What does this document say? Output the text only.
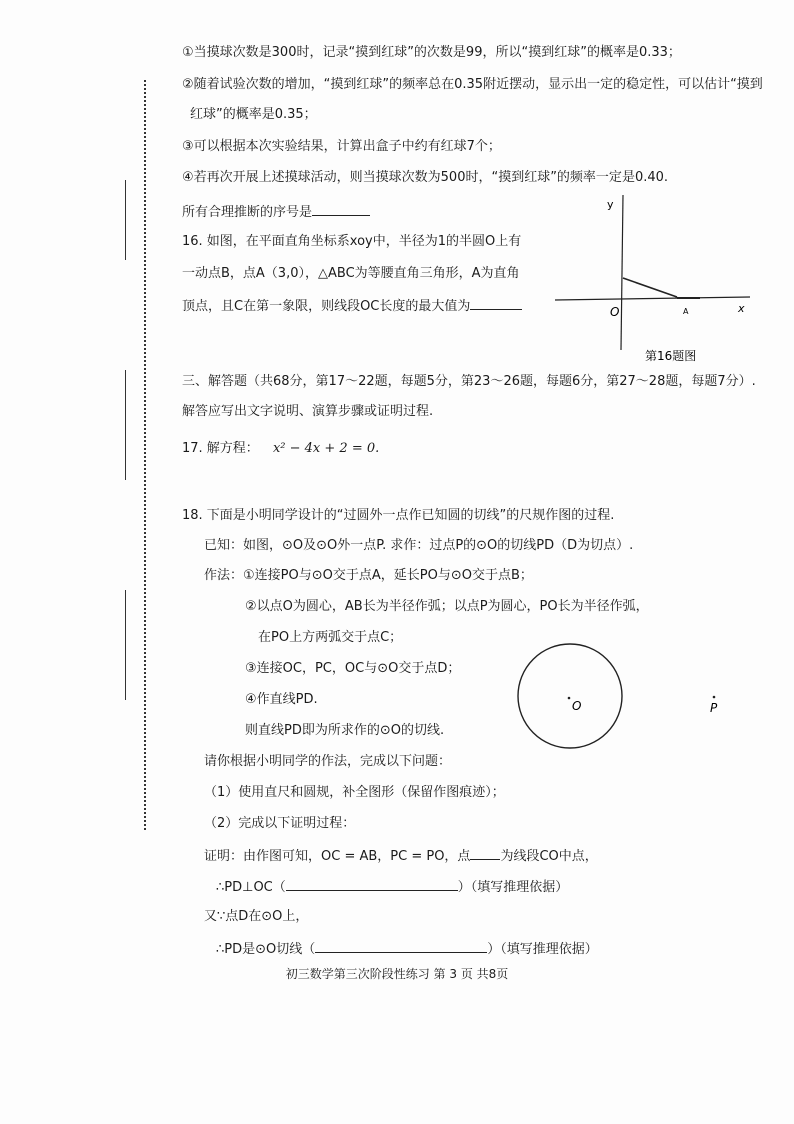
①当摸球次数是300时，记录“摸到红球”的次数是99，所以“摸到红球”的概率是0.33；
②随着试验次数的增加，“摸到红球”的频率总在0.35附近摆动，显示出一定的稳定性，可以估计“摸到
红球”的概率是0.35；
③可以根据本次实验结果，计算出盒子中约有红球7个；
④若再次开展上述摸球活动，则当摸球次数为500时，“摸到红球”的频率一定是0.40.
所有合理推断的序号是
16. 如图，在平面直角坐标系xoy中，半径为1的半圆O上有
一动点B，点A（3,0），△ABC为等腰直角三角形，A为直角
顶点，且C在第一象限，则线段OC长度的最大值为
y
x
O	A
第16题图
三、解答题（共68分，第17～22题，每题5分，第23～26题，每题6分，第27～28题，每题7分）.
解答应写出文字说明、演算步骤或证明过程.
17. 解方程： x² − 4x + 2 = 0.
18. 下面是小明同学设计的“过圆外一点作已知圆的切线”的尺规作图的过程.
已知：如图，⊙O及⊙O外一点P. 求作：过点P的⊙O的切线PD（D为切点）.
作法：①连接PO与⊙O交于点A，延长PO与⊙O交于点B；
②以点O为圆心，AB长为半径作弧；以点P为圆心，PO长为半径作弧，
在PO上方两弧交于点C；
③连接OC，PC，OC与⊙O交于点D；
④作直线PD.
则直线PD即为所求作的⊙O的切线.
请你根据小明同学的作法，完成以下问题：
（1）使用直尺和圆规，补全图形（保留作图痕迹）；
（2）完成以下证明过程：
证明：由作图可知，OC = AB，PC = PO，点 为线段CO中点，
∴PD⊥OC（	）（填写推理依据）
又∵点D在⊙O上，
∴PD是⊙O切线（	）（填写推理依据）
O	P
初三数学第三次阶段性练习 第 3 页 共8页
